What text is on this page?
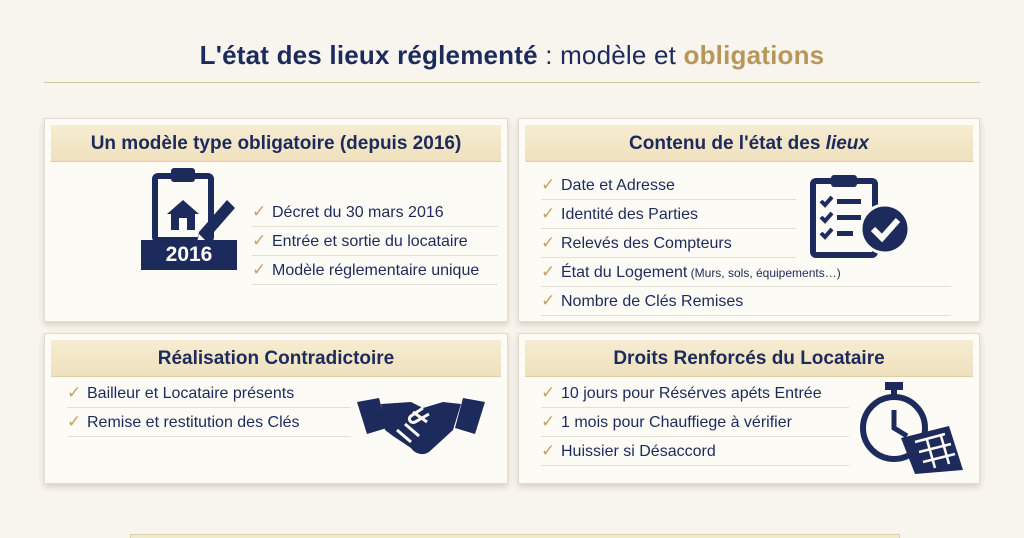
L'état des lieux réglementé : modèle et obligations
Un modèle type obligatoire (depuis 2016)
2016
✓ Décret du 30 mars 2016
✓ Entrée et sortie du locataire
✓ Modèle réglementaire unique
Contenu de l'état des lieux
✓ Date et Adresse
✓ Identité des Parties
✓ Relevés des Compteurs
✓ État du Logement (Murs, sols, équipements…)
✓ Nombre de Clés Remises
Réalisation Contradictoire
✓ Bailleur et Locataire présents
✓ Remise et restitution des Clés
Droits Renforcés du Locataire
✓ 10 jours pour Résérves apéts Entrée
✓ 1 mois pour Chauffiege à vérifier
✓ Huissier si Désaccord
